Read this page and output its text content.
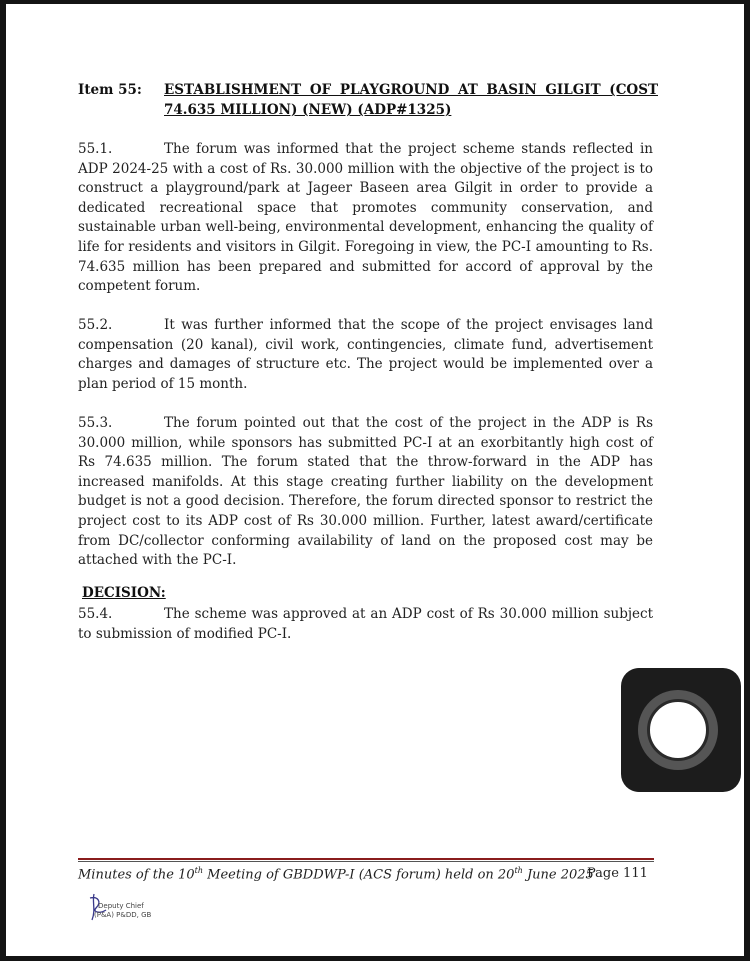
Item 55: ESTABLISHMENT OF PLAYGROUND AT BASIN GILGIT (COST 74.635 MILLION) (NEW) (ADP#1325)
55.1.	The forum was informed that the project scheme stands reflected in ADP 2024-25 with a cost of Rs. 30.000 million with the objective of the project is to construct a playground/park at Jageer Baseen area Gilgit in order to provide a dedicated recreational space that promotes community conservation, and sustainable urban well-being, environmental development, enhancing the quality of life for residents and visitors in Gilgit. Foregoing in view, the PC-I amounting to Rs. 74.635 million has been prepared and submitted for accord of approval by the competent forum.
55.2.	It was further informed that the scope of the project envisages land compensation (20 kanal), civil work, contingencies, climate fund, advertisement charges and damages of structure etc. The project would be implemented over a plan period of 15 month.
55.3.	The forum pointed out that the cost of the project in the ADP is Rs 30.000 million, while sponsors has submitted PC-I at an exorbitantly high cost of Rs 74.635 million. The forum stated that the throw-forward in the ADP has increased manifolds. At this stage creating further liability on the development budget is not a good decision. Therefore, the forum directed sponsor to restrict the project cost to its ADP cost of Rs 30.000 million. Further, latest award/certificate from DC/collector conforming availability of land on the proposed cost may be attached with the PC-I.
DECISION:
55.4.	The scheme was approved at an ADP cost of Rs 30.000 million subject to submission of modified PC-I.
Minutes of the 10th Meeting of GBDDWP-I (ACS forum) held on 20th June 2025
Page 111
Deputy Chief
(P&A) P&DD, GB
